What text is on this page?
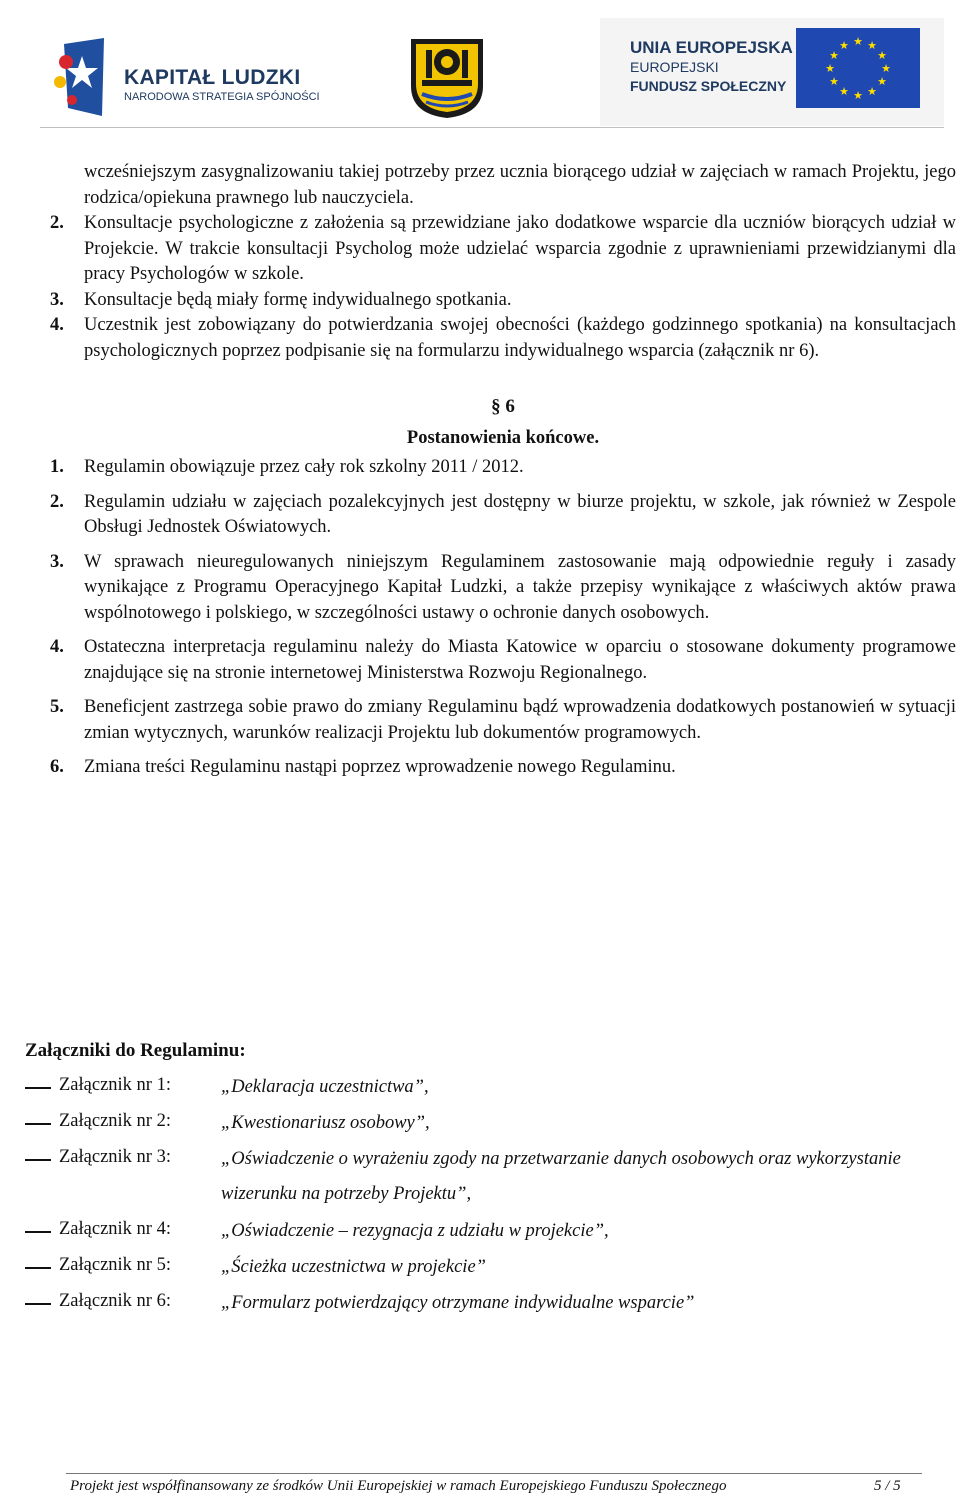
KAPITAŁ LUDZKI
NARODOWA STRATEGIA SPÓJNOŚCI
UNIA EUROPEJSKA
EUROPEJSKI
FUNDUSZ SPOŁECZNY
★ ★
★
★
★
★
★
★
★
★
★
★
wcześniejszym zasygnalizowaniu takiej potrzeby przez ucznia biorącego udział w zajęciach w ramach Projektu, jego rodzica/opiekuna prawnego lub nauczyciela.
2. Konsultacje psychologiczne z założenia są przewidziane jako dodatkowe wsparcie dla uczniów biorących udział w Projekcie. W trakcie konsultacji Psycholog może udzielać wsparcia zgodnie z uprawnieniami przewidzianymi dla pracy Psychologów w szkole.
3. Konsultacje będą miały formę indywidualnego spotkania.
4. Uczestnik jest zobowiązany do potwierdzania swojej obecności (każdego godzinnego spotkania) na konsultacjach psychologicznych poprzez podpisanie się na formularzu indywidualnego wsparcia (załącznik nr 6).
§ 6
Postanowienia końcowe.
1. Regulamin obowiązuje przez cały rok szkolny 2011 / 2012.
2. Regulamin udziału w zajęciach pozalekcyjnych jest dostępny w biurze projektu, w szkole, jak również w Zespole Obsługi Jednostek Oświatowych.
3. W sprawach nieuregulowanych niniejszym Regulaminem zastosowanie mają odpowiednie reguły i zasady wynikające z Programu Operacyjnego Kapitał Ludzki, a także przepisy wynikające z właściwych aktów prawa wspólnotowego i polskiego, w szczególności ustawy o ochronie danych osobowych.
4. Ostateczna interpretacja regulaminu należy do Miasta Katowice w oparciu o stosowane dokumenty programowe znajdujące się na stronie internetowej Ministerstwa Rozwoju Regionalnego.
5. Beneficjent zastrzega sobie prawo do zmiany Regulaminu bądź wprowadzenia dodatkowych postanowień w sytuacji zmian wytycznych, warunków realizacji Projektu lub dokumentów programowych.
6. Zmiana treści Regulaminu nastąpi poprzez wprowadzenie nowego Regulaminu.
Załączniki do Regulaminu:
Załącznik nr 1:	„Deklaracja uczestnictwa”,
Załącznik nr 2:	„Kwestionariusz osobowy”,
Załącznik nr 3:	„Oświadczenie o wyrażeniu zgody na przetwarzanie danych osobowych oraz wykorzystanie wizerunku na potrzeby Projektu”,
Załącznik nr 4:	„Oświadczenie – rezygnacja z udziału w projekcie”,
Załącznik nr 5:	„Ścieżka uczestnictwa w projekcie”
Załącznik nr 6:	„Formularz potwierdzający otrzymane indywidualne wsparcie”
Projekt jest współfinansowany ze środków Unii Europejskiej w ramach Europejskiego Funduszu Społecznego	5 / 5
